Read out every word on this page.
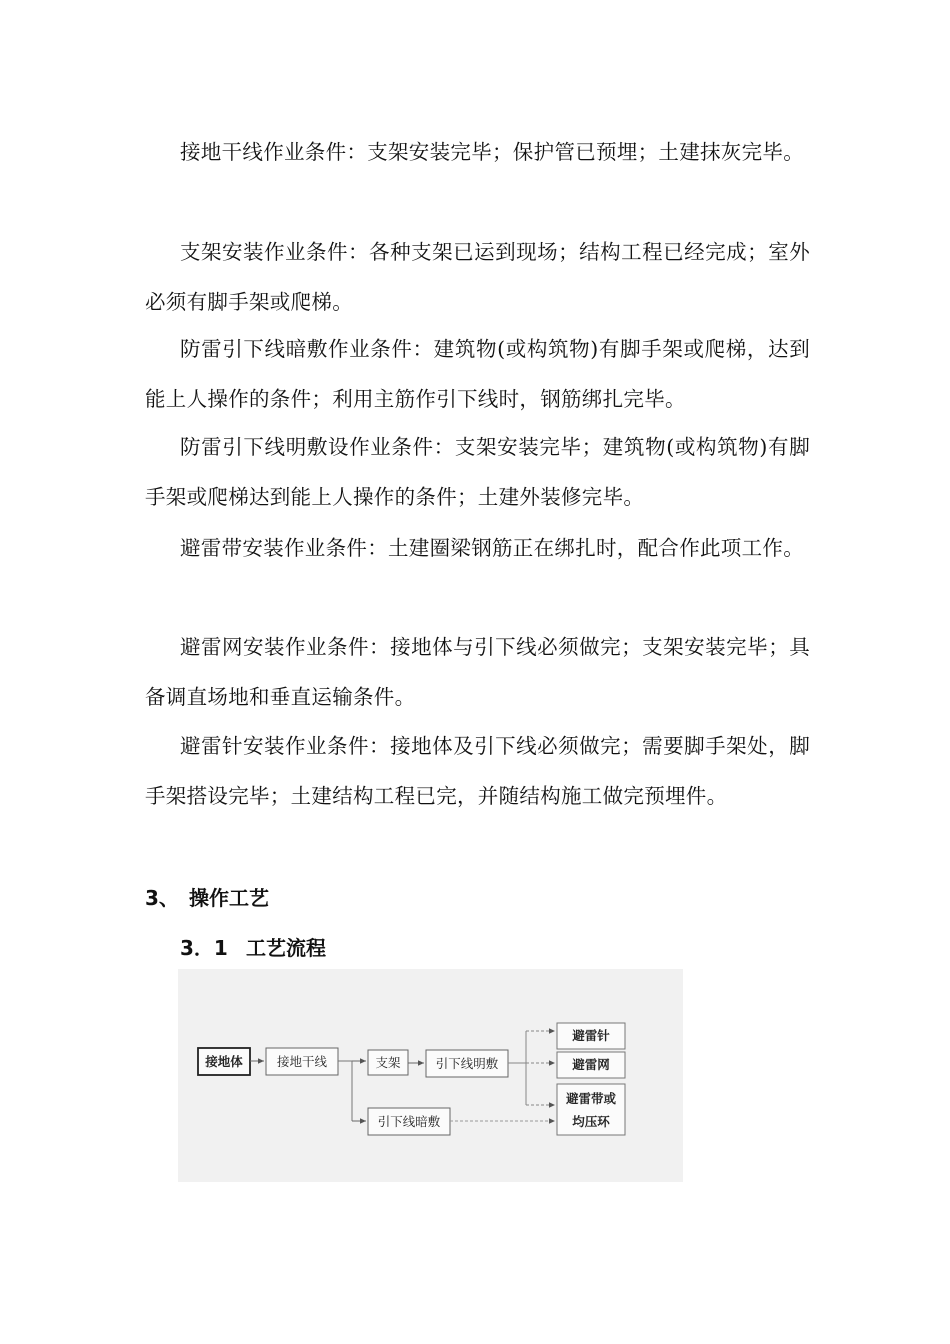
接地干线作业条件：支架安装完毕；保护管已预埋；土建抹灰完毕。

支架安装作业条件：各种支架已运到现场；结构工程已经完成；室外必须有脚手架或爬梯。

防雷引下线暗敷作业条件：建筑物(或构筑物)有脚手架或爬梯，达到能上人操作的条件；利用主筋作引下线时，钢筋绑扎完毕。

防雷引下线明敷设作业条件：支架安装完毕；建筑物(或构筑物)有脚手架或爬梯达到能上人操作的条件；土建外装修完毕。

避雷带安装作业条件：土建圈梁钢筋正在绑扎时，配合作此项工作。

避雷网安装作业条件：接地体与引下线必须做完；支架安装完毕；具备调直场地和垂直运输条件。

避雷针安装作业条件：接地体及引下线必须做完；需要脚手架处，脚手架搭设完毕；土建结构工程已完，并随结构施工做完预埋件。

3、 操作工艺
3．1 工艺流程
接地体	接地干线	支架	引下线明敷
引下线暗敷
避雷针
避雷网
避雷带或
均压环
